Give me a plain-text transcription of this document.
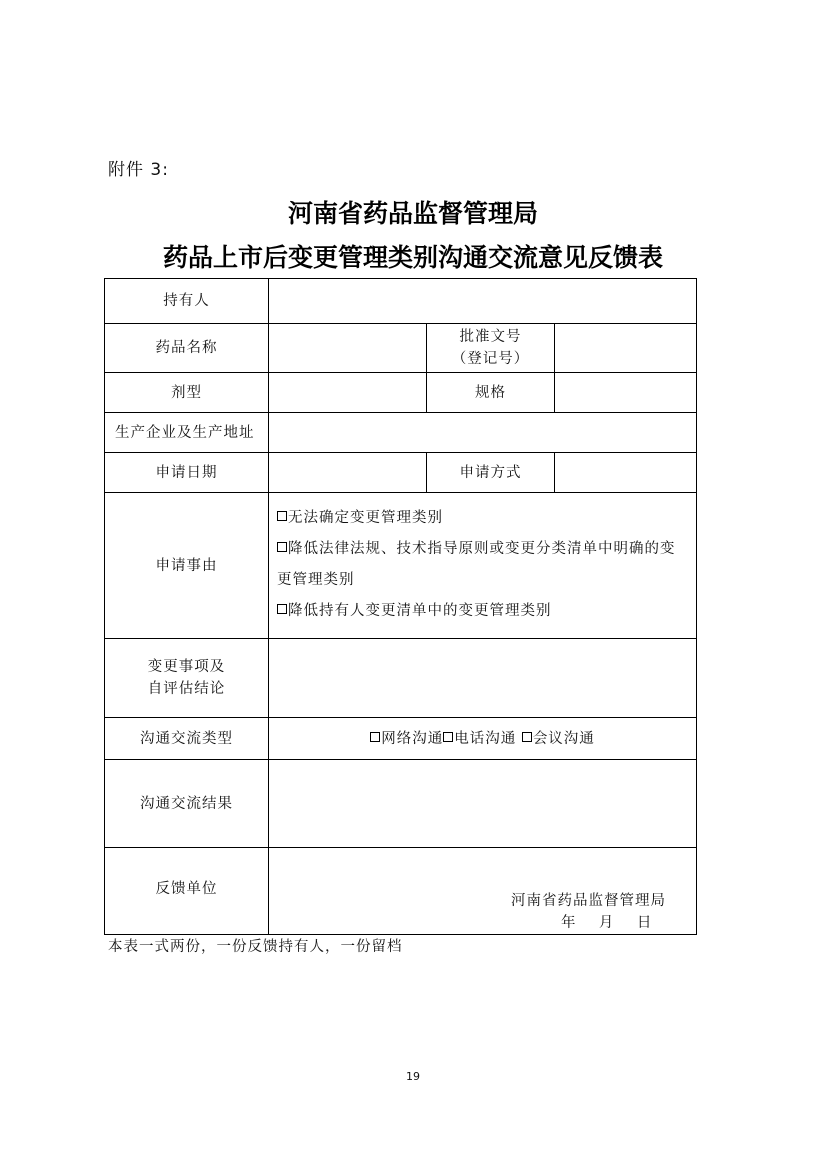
附件 3:
河南省药品监督管理局
药品上市后变更管理类别沟通交流意见反馈表
持有人			
药品名称		批准文号
（登记号）	

剂型		规格	
生产企业及生产地址			
申请日期		申请方式	
申请事由	无法确定变更管理类别
降低法律法规、技术指导原则或变更分类清单中明确的变更管理类别
降低持有人变更清单中的变更管理类别		

变更事项及
自评估结论			

沟通交流类型	网络沟通 电话沟通 会议沟通		
沟通交流结果			
反馈单位	河南省药品监督管理局
年    月    日		
本表一式两份，一份反馈持有人，一份留档
19
